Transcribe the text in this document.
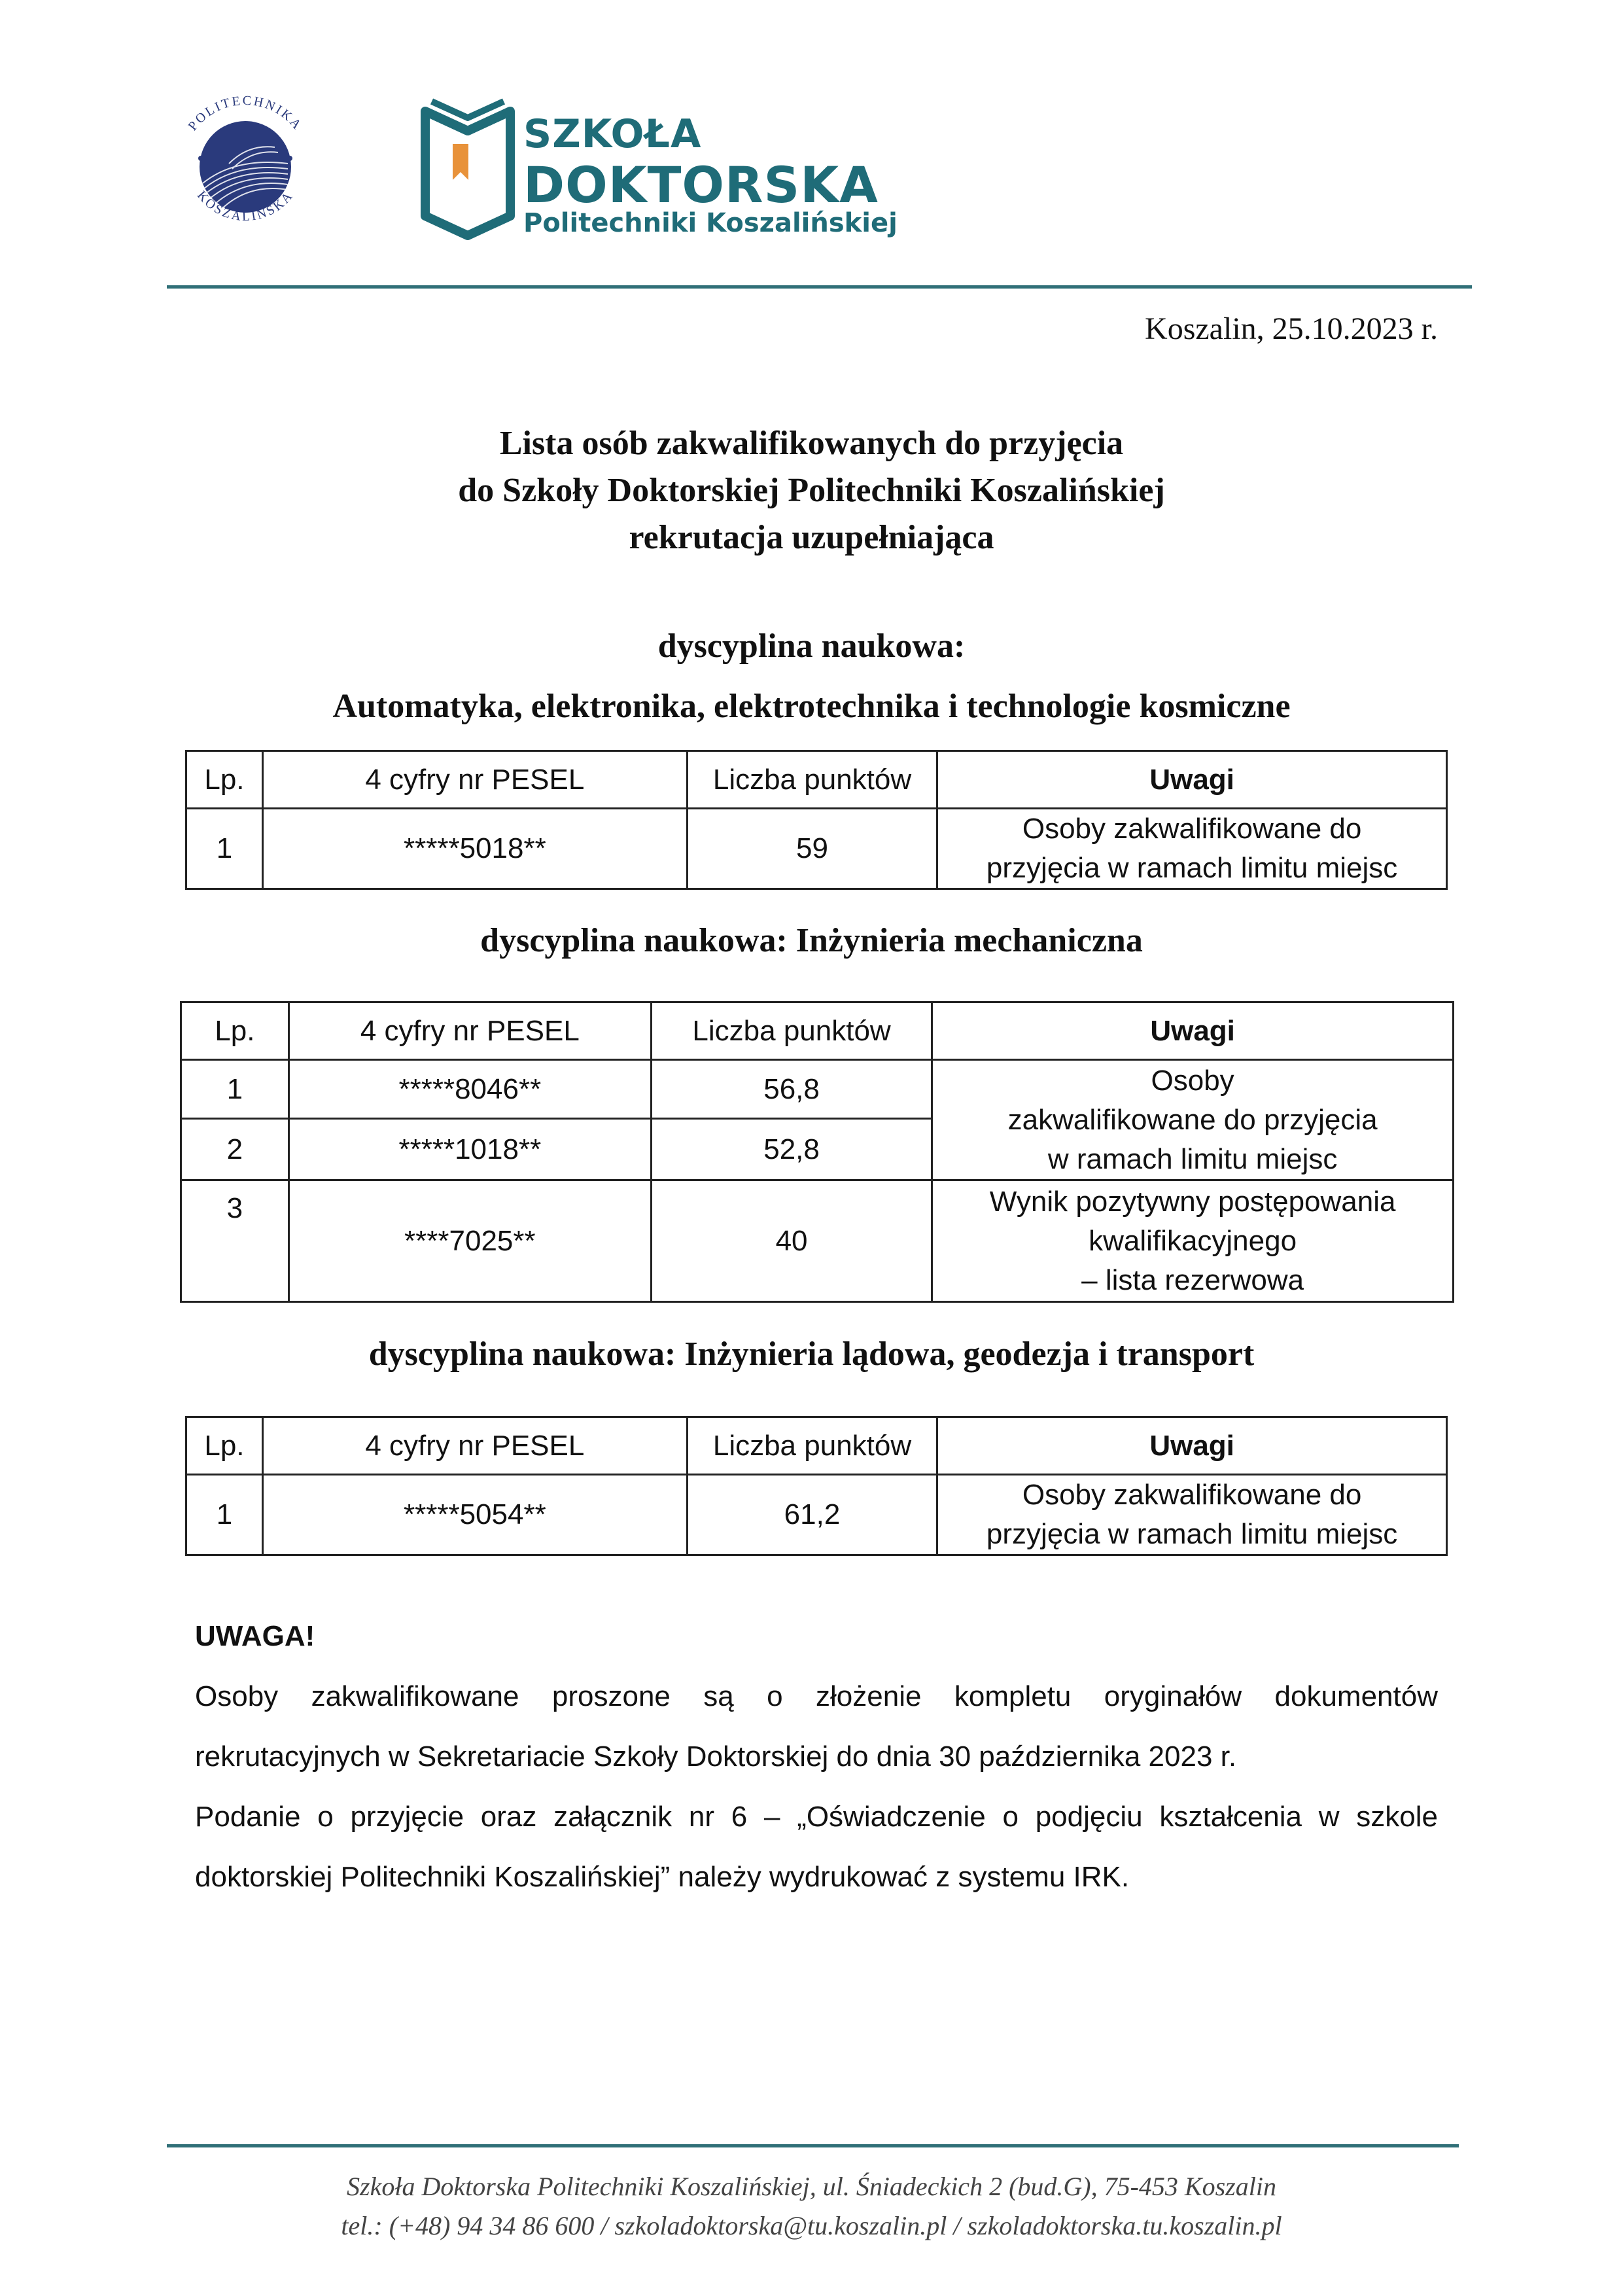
POLITECHNIKA
KOSZALIŃSKA
SZKOŁA
DOKTORSKA
Politechniki Koszalińskiej
Koszalin, 25.10.2023 r.
Lista osób zakwalifikowanych do przyjęcia
do Szkoły Doktorskiej Politechniki Koszalińskiej
rekrutacja uzupełniająca
dyscyplina naukowa:
Automatyka, elektronika, elektrotechnika i technologie kosmiczne
Lp.	4 cyfry nr PESEL	Liczba punktów	Uwagi
1	*****5018**	59	Osoby zakwalifikowane do
przyjęcia w ramach limitu miejsc
dyscyplina naukowa: Inżynieria mechaniczna
Lp.	4 cyfry nr PESEL	Liczba punktów	Uwagi
1	*****8046**	56,8	Osoby
zakwalifikowane do przyjęcia
w ramach limitu miejsc

2	*****1018**	52,8	
3	****7025**	40	Wynik pozytywny postępowania
kwalifikacyjnego
– lista rezerwowa
dyscyplina naukowa: Inżynieria lądowa, geodezja i transport
Lp.	4 cyfry nr PESEL	Liczba punktów	Uwagi
1	*****5054**	61,2	Osoby zakwalifikowane do
przyjęcia w ramach limitu miejsc
UWAGA!
Osoby zakwalifikowane proszone są o złożenie kompletu oryginałów dokumentów
rekrutacyjnych w Sekretariacie Szkoły Doktorskiej do dnia 30 października 2023 r.
Podanie o przyjęcie oraz załącznik nr 6 – „Oświadczenie o podjęciu kształcenia w szkole
doktorskiej Politechniki Koszalińskiej” należy wydrukować z systemu IRK.
Szkoła Doktorska Politechniki Koszalińskiej, ul. Śniadeckich 2 (bud.G), 75-453 Koszalin
tel.: (+48) 94 34 86 600 / szkoladoktorska@tu.koszalin.pl / szkoladoktorska.tu.koszalin.pl
